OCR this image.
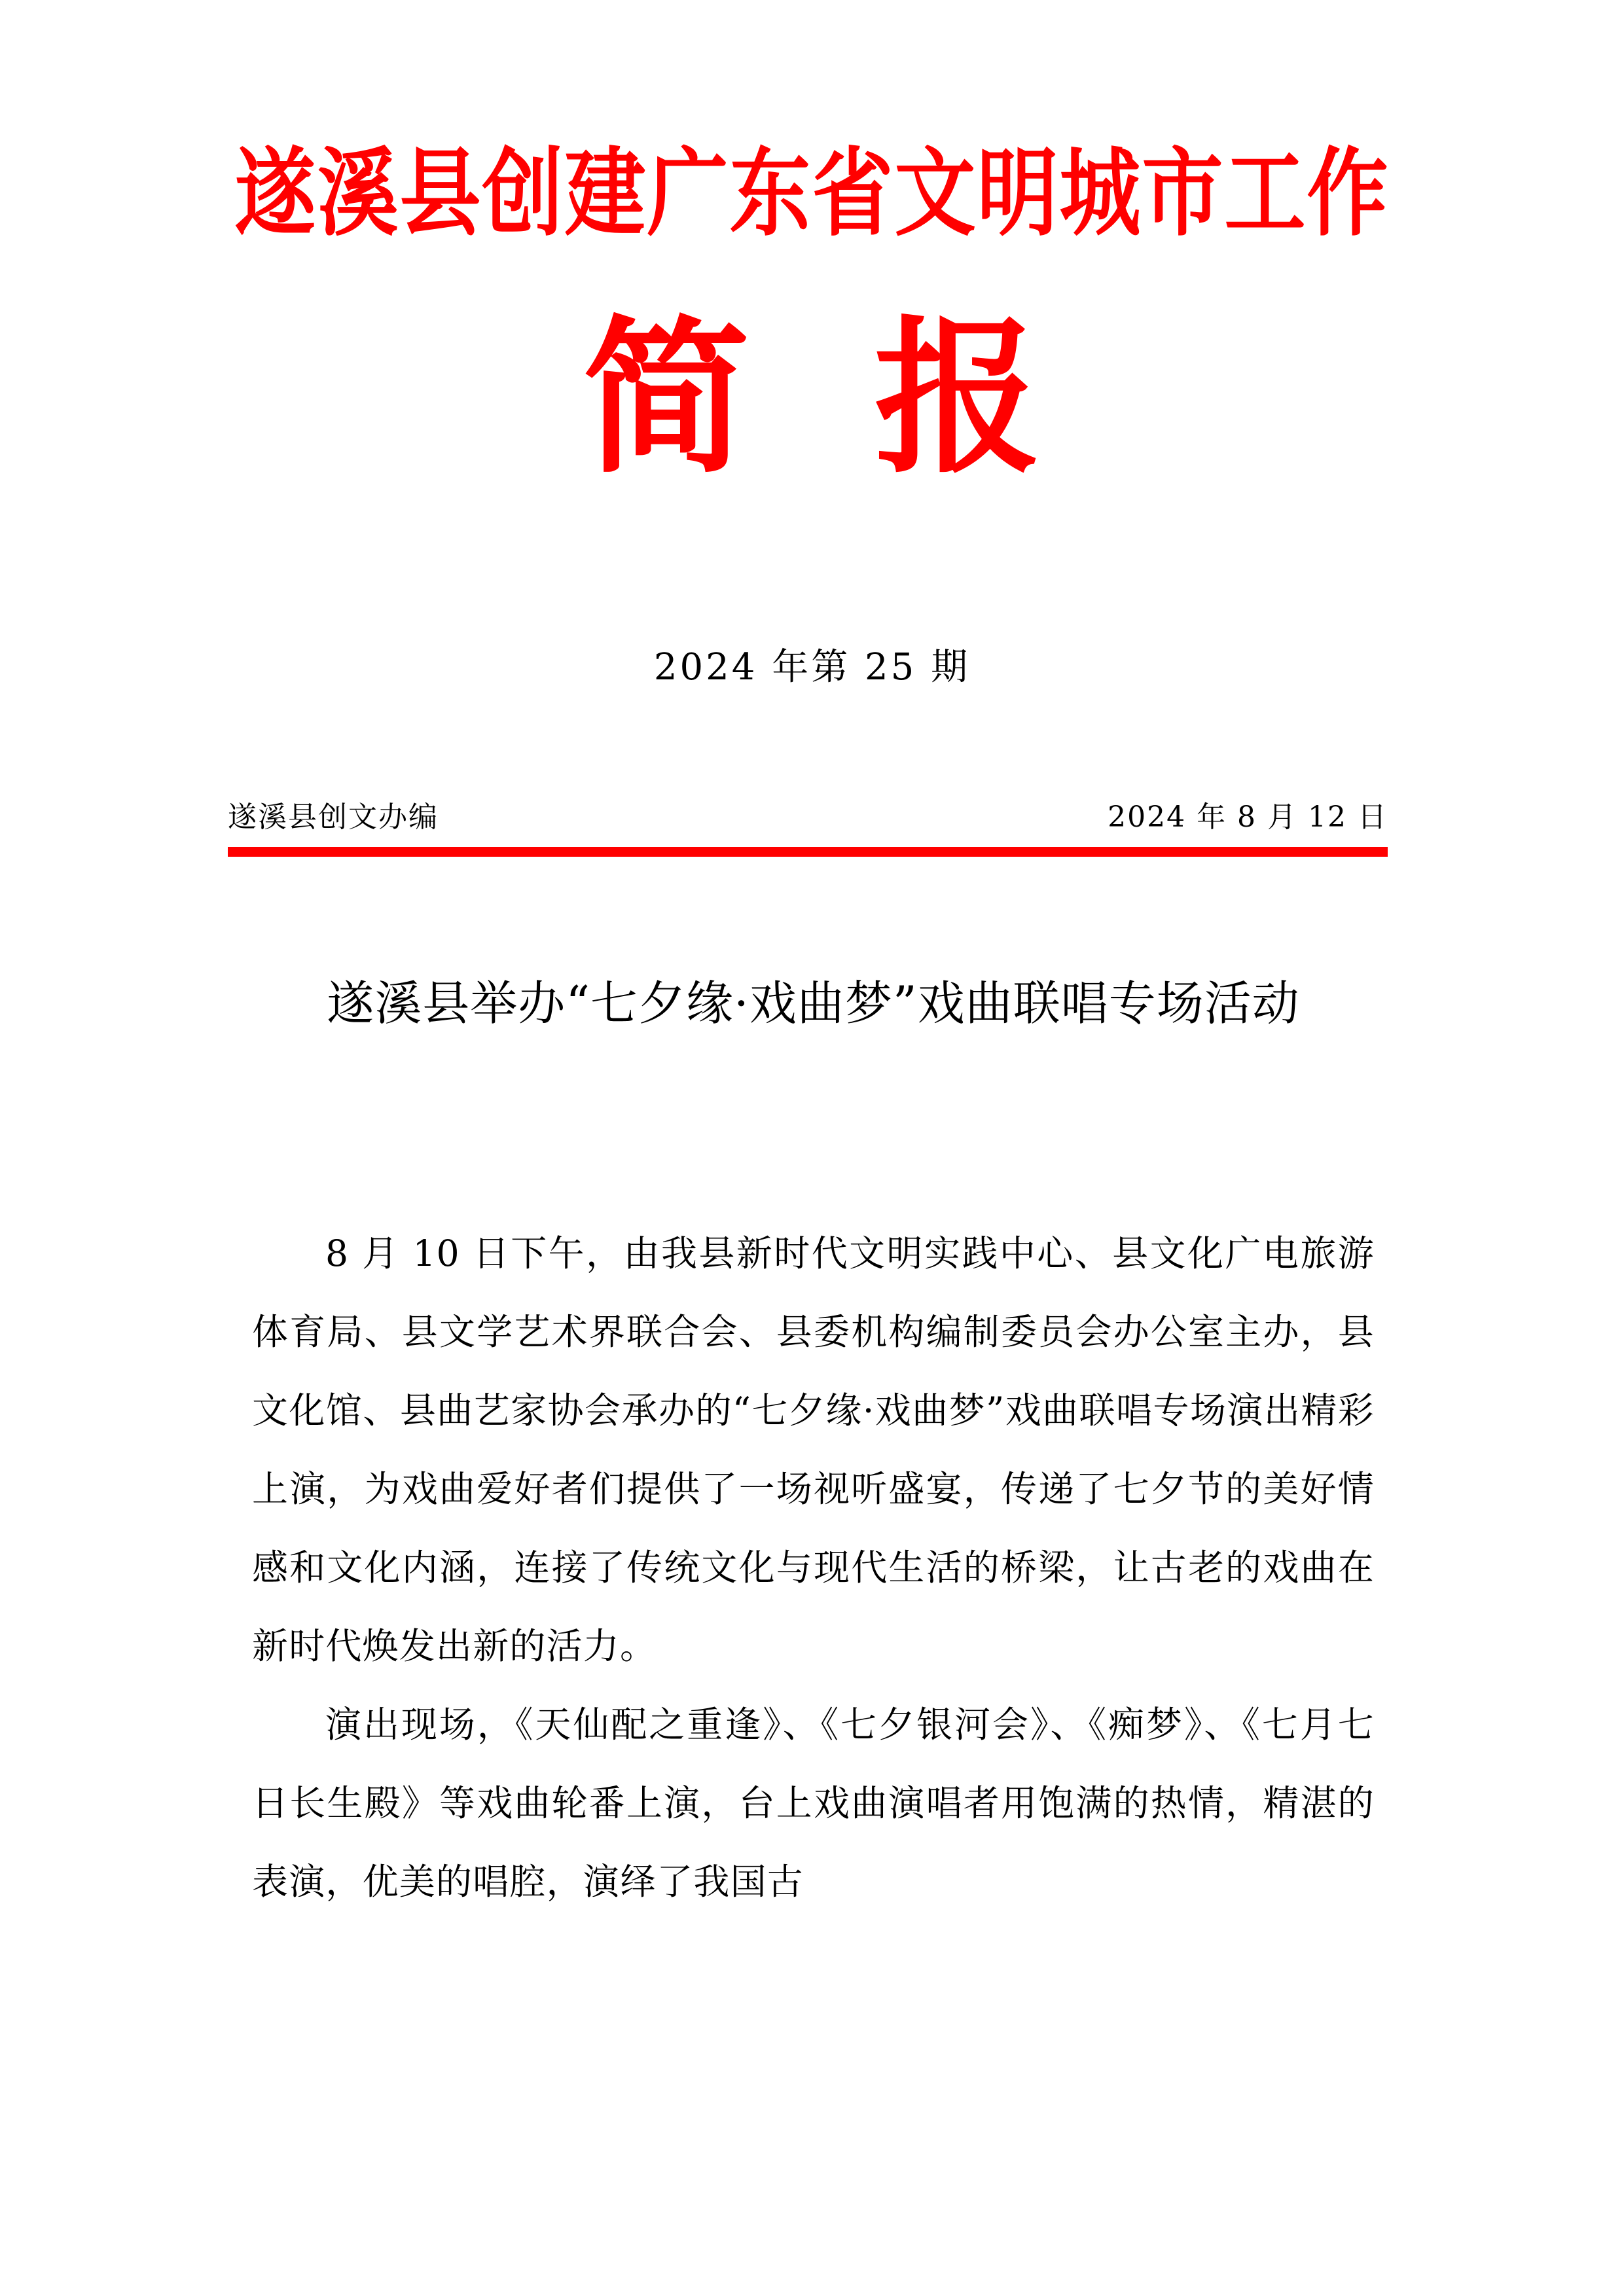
遂溪县创建广东省文明城市工作
简 报
2024 年第 25 期
遂溪县创文办编	2024 年 8 月 12 日
遂溪县举办“七夕缘·戏曲梦”戏曲联唱专场活动

8 月 10 日下午，由我县新时代文明实践中心、县文化广电旅游体育局、县文学艺术界联合会、县委机构编制委员会办公室主办，县文化馆、县曲艺家协会承办的“七夕缘·戏曲梦”戏曲联唱专场演出精彩上演，为戏曲爱好者们提供了一场视听盛宴，传递了七夕节的美好情感和文化内涵，连接了传统文化与现代生活的桥梁，让古老的戏曲在新时代焕发出新的活力。

演出现场，《天仙配之重逢》、《七夕银河会》、《痴梦》、《七月七日长生殿》等戏曲轮番上演，台上戏曲演唱者用饱满的热情，精湛的表演，优美的唱腔，演绎了我国古
